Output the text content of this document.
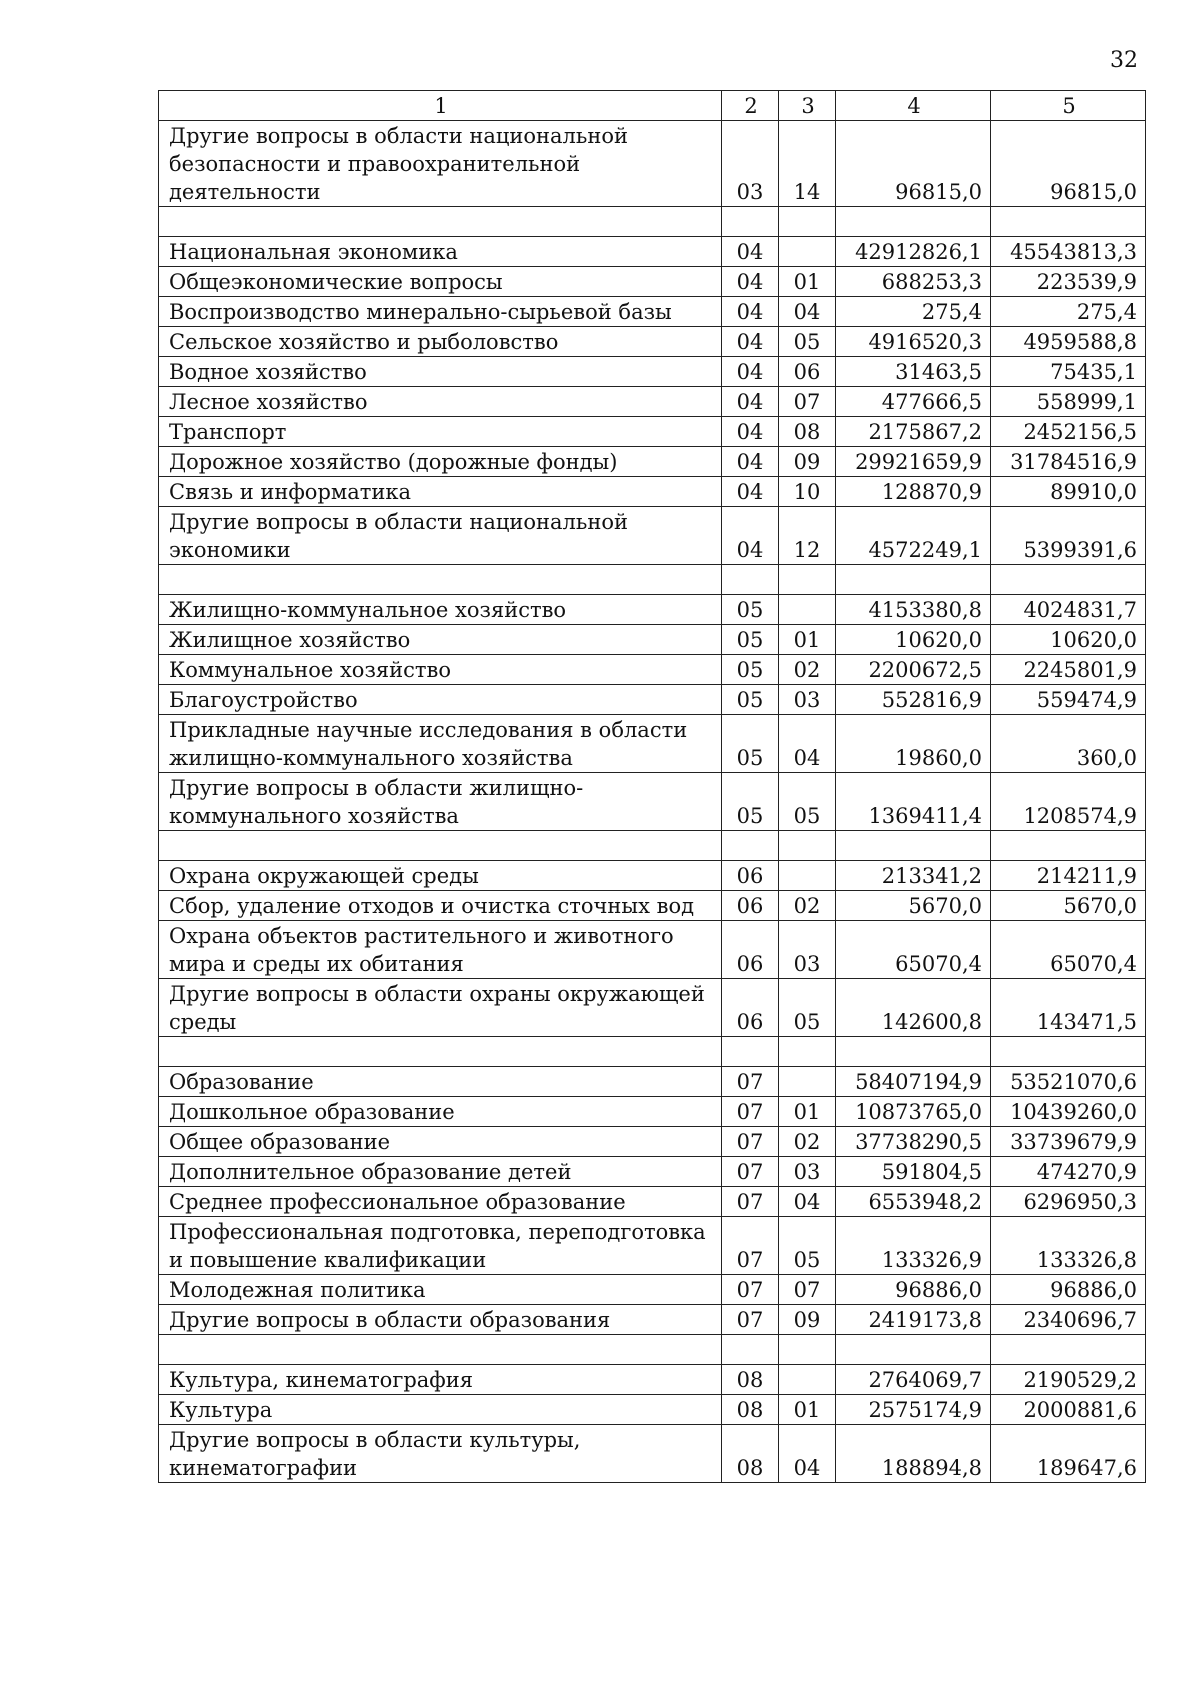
32
1	2	3	4	5
Другие вопросы в области национальной безопасности и правоохранительной деятельности	03	14	96815,0	96815,0

Национальная экономика	04		42912826,1	45543813,3
Общеэкономические вопросы	04	01	688253,3	223539,9
Воспроизводство минерально-сырьевой базы	04	04	275,4	275,4
Сельское хозяйство и рыболовство	04	05	4916520,3	4959588,8
Водное хозяйство	04	06	31463,5	75435,1
Лесное хозяйство	04	07	477666,5	558999,1
Транспорт	04	08	2175867,2	2452156,5
Дорожное хозяйство (дорожные фонды)	04	09	29921659,9	31784516,9
Связь и информатика	04	10	128870,9	89910,0
Другие вопросы в области национальной экономики	04	12	4572249,1	5399391,6

Жилищно-коммунальное хозяйство	05		4153380,8	4024831,7
Жилищное хозяйство	05	01	10620,0	10620,0
Коммунальное хозяйство	05	02	2200672,5	2245801,9
Благоустройство	05	03	552816,9	559474,9
Прикладные научные исследования в области жилищно-коммунального хозяйства	05	04	19860,0	360,0
Другие вопросы в области жилищно-коммунального хозяйства	05	05	1369411,4	1208574,9

Охрана окружающей среды	06		213341,2	214211,9
Сбор, удаление отходов и очистка сточных вод	06	02	5670,0	5670,0
Охрана объектов растительного и животного мира и среды их обитания	06	03	65070,4	65070,4
Другие вопросы в области охраны окружающей среды	06	05	142600,8	143471,5

Образование	07		58407194,9	53521070,6
Дошкольное образование	07	01	10873765,0	10439260,0
Общее образование	07	02	37738290,5	33739679,9
Дополнительное образование детей	07	03	591804,5	474270,9
Среднее профессиональное образование	07	04	6553948,2	6296950,3
Профессиональная подготовка, переподготовка и повышение квалификации	07	05	133326,9	133326,8
Молодежная политика	07	07	96886,0	96886,0
Другие вопросы в области образования	07	09	2419173,8	2340696,7

Культура, кинематография	08		2764069,7	2190529,2
Культура	08	01	2575174,9	2000881,6
Другие вопросы в области культуры, кинематографии	08	04	188894,8	189647,6
